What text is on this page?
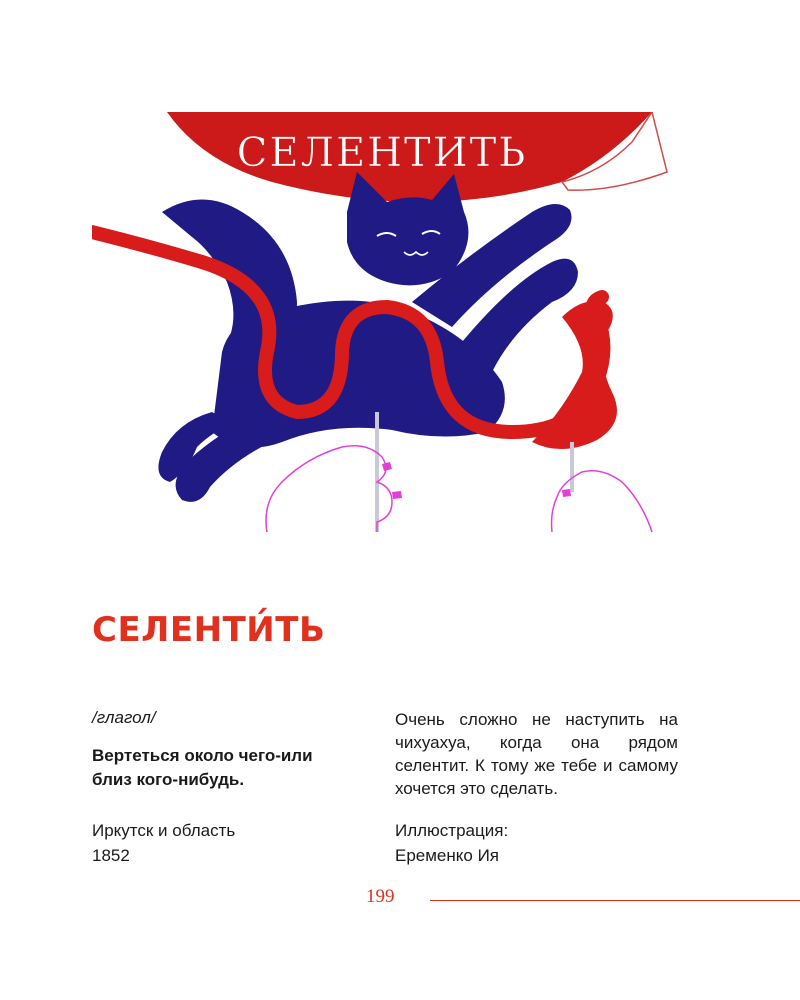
СЕЛЕНТИТЬ
СЕЛЕНТИ́ТЬ
/глагол/
Вертеться около чего-или близ кого-нибудь.
Иркутск и область
1852
Очень сложно не наступить на чихуахуа, когда она рядом селентит. К тому же тебе и самому хочется это сделать.
Иллюстрация:
Еременко Ия
199
